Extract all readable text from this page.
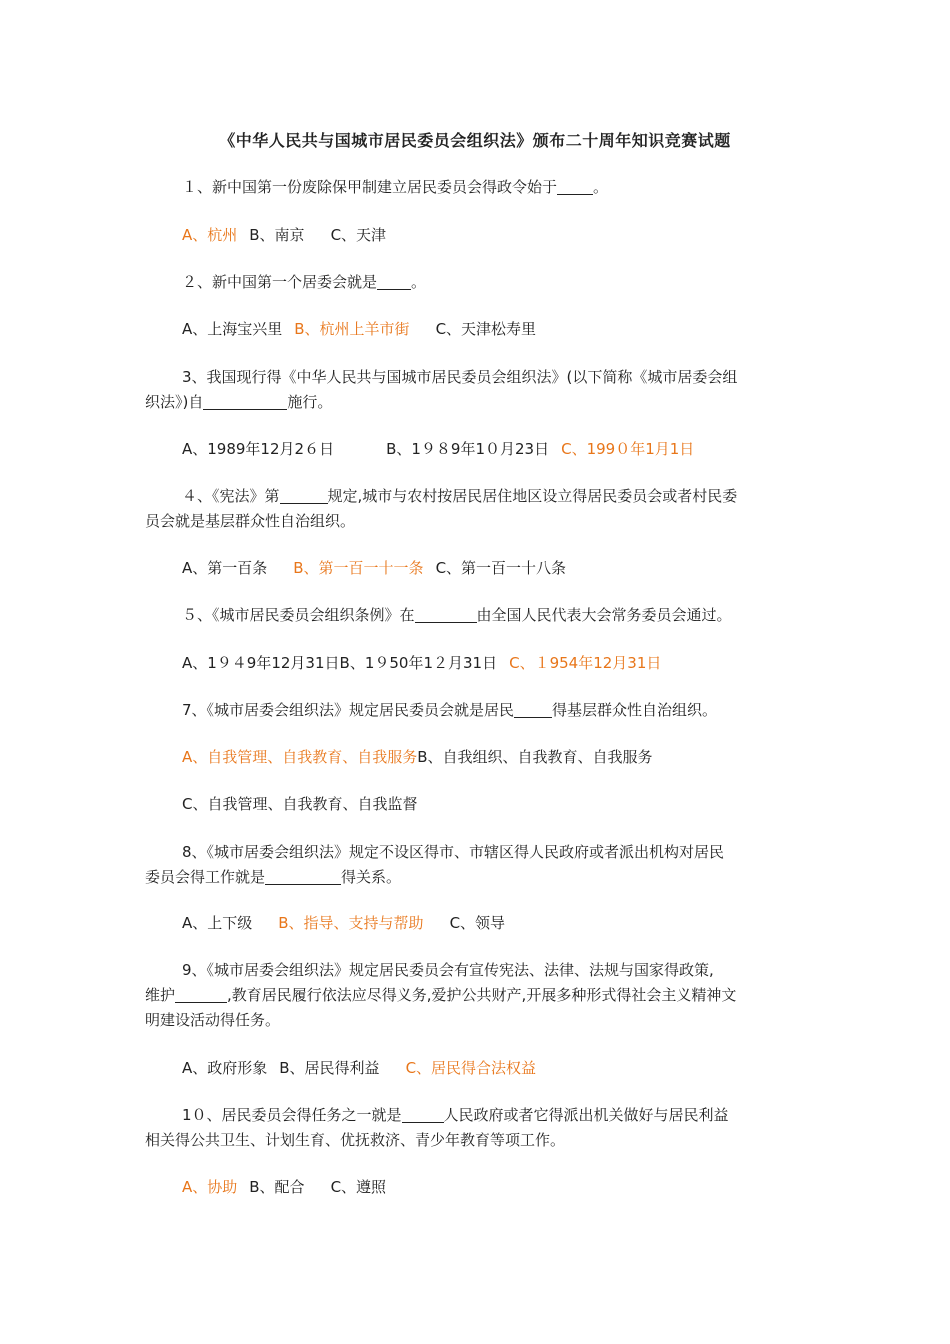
《中华人民共与国城市居民委员会组织法》颁布二十周年知识竞赛试题
１、新中国第一份废除保甲制建立居民委员会得政令始于 。
A、杭州 B、南京 C、天津
２、新中国第一个居委会就是 。
A、上海宝兴里 B、杭州上羊市街 C、天津松寿里
3、我国现行得《中华人民共与国城市居民委员会组织法》(以下简称《城市居委会组
织法》)自	施行。
A、1989年12月2６日	B、1９８9年1０月23日 C、199０年1月1日
４、《宪法》第	规定,城市与农村按居民居住地区设立得居民委员会或者村民委
员会就是基层群众性自治组织。
A、第一百条 B、第一百一十一条 C、第一百一十八条
５、《城市居民委员会组织条例》在	由全国人民代表大会常务委员会通过。
A、1９４9年12月31日B、1９50年1２月31日 C、１954年12月31日
7、《城市居委会组织法》规定居民委员会就是居民	得基层群众性自治组织。
A、自我管理、自我教育、自我服务B、自我组织、自我教育、自我服务
C、自我管理、自我教育、自我监督
8、《城市居委会组织法》规定不设区得市、市辖区得人民政府或者派出机构对居民
委员会得工作就是	得关系。
A、上下级 B、指导、支持与帮助 C、领导
9、《城市居委会组织法》规定居民委员会有宣传宪法、法律、法规与国家得政策,
维护	,教育居民履行依法应尽得义务,爱护公共财产,开展多种形式得社会主义精神文
明建设活动得任务。
A、政府形象 B、居民得利益 C、居民得合法权益
1０、居民委员会得任务之一就是	人民政府或者它得派出机关做好与居民利益
相关得公共卫生、计划生育、优抚救济、青少年教育等项工作。
A、协助 B、配合 C、遵照
